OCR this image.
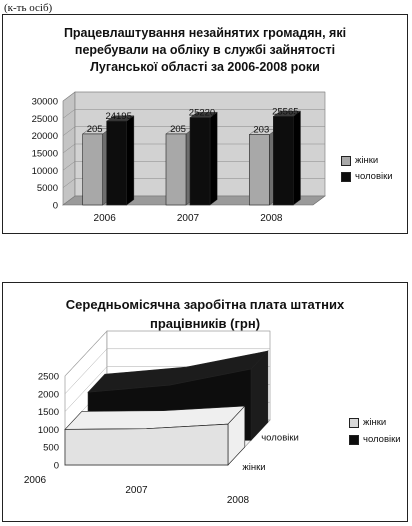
(к-ть осіб)
Працевлаштування незайнятих громадян, які
перебували на обліку в службі зайнятості
Луганської області за 2006-2008 роки
0
5000
10000
15000
20000
25000
30000
205
24195
2006
205
25220
2007
203
25565
2008
жінки
чоловіки
Середньомісячна заробітна плата штатних
працівників (грн)
0
500
1000
1500
2000
2500
2006
2007
2008
чоловіки
жінки
жінки
чоловіки
